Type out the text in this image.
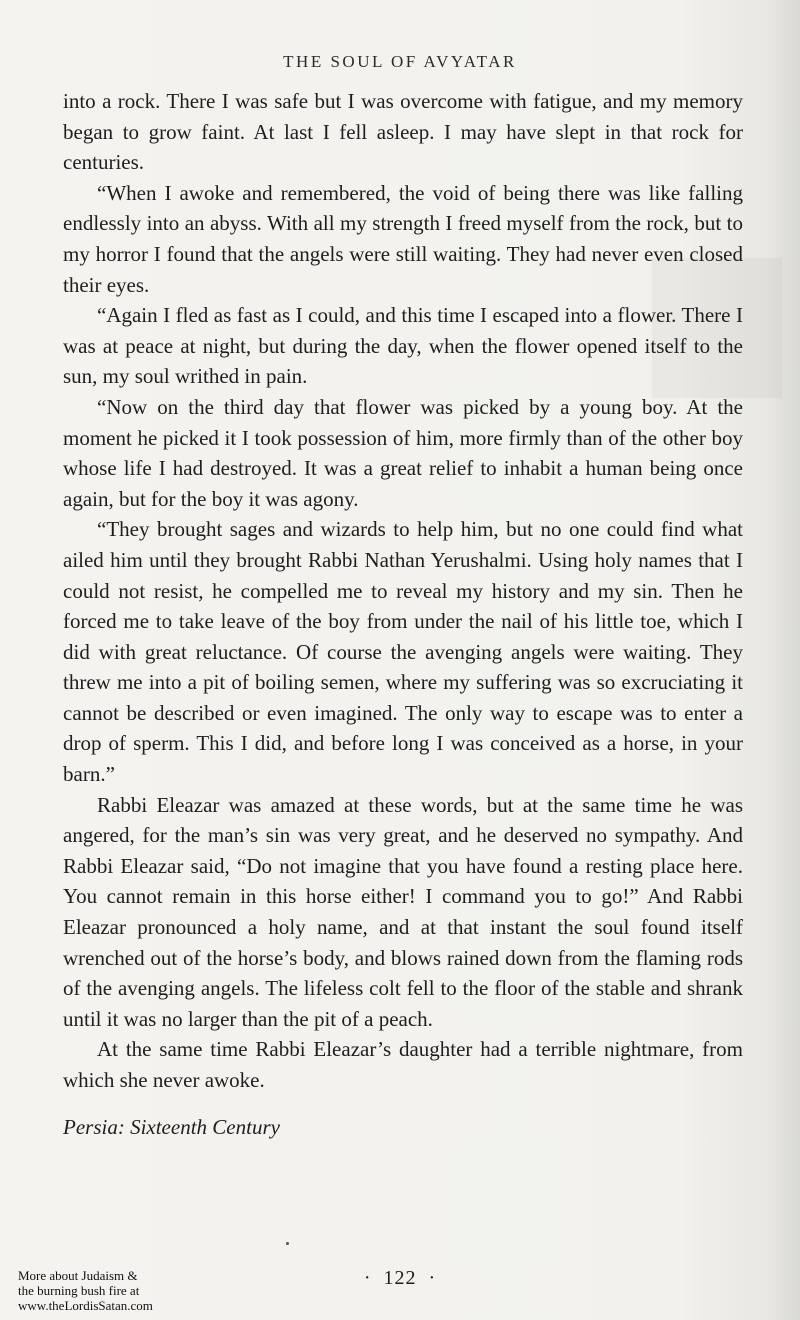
THE SOUL OF AVYATAR

into a rock. There I was safe but I was overcome with fatigue, and my memory began to grow faint. At last I fell asleep. I may have slept in that rock for centuries.

“When I awoke and remembered, the void of being there was like falling endlessly into an abyss. With all my strength I freed myself from the rock, but to my horror I found that the angels were still waiting. They had never even closed their eyes.

“Again I fled as fast as I could, and this time I escaped into a flower. There I was at peace at night, but during the day, when the flower opened itself to the sun, my soul writhed in pain.

“Now on the third day that flower was picked by a young boy. At the moment he picked it I took possession of him, more firmly than of the other boy whose life I had destroyed. It was a great relief to inhabit a human being once again, but for the boy it was agony.

“They brought sages and wizards to help him, but no one could find what ailed him until they brought Rabbi Nathan Yerushalmi. Using holy names that I could not resist, he compelled me to reveal my history and my sin. Then he forced me to take leave of the boy from under the nail of his little toe, which I did with great reluctance. Of course the avenging angels were waiting. They threw me into a pit of boiling semen, where my suffering was so excruciating it cannot be described or even imagined. The only way to escape was to enter a drop of sperm. This I did, and before long I was conceived as a horse, in your barn.”

Rabbi Eleazar was amazed at these words, but at the same time he was angered, for the man’s sin was very great, and he deserved no sympathy. And Rabbi Eleazar said, “Do not imagine that you have found a resting place here. You cannot remain in this horse either! I command you to go!” And Rabbi Eleazar pronounced a holy name, and at that instant the soul found itself wrenched out of the horse’s body, and blows rained down from the flaming rods of the avenging angels. The lifeless colt fell to the floor of the stable and shrank until it was no larger than the pit of a peach.

At the same time Rabbi Eleazar’s daughter had a terrible nightmare, from which she never awoke.

Persia: Sixteenth Century
· 122 ·
More about Judaism &
the burning bush fire at
www.theLordisSatan.com
